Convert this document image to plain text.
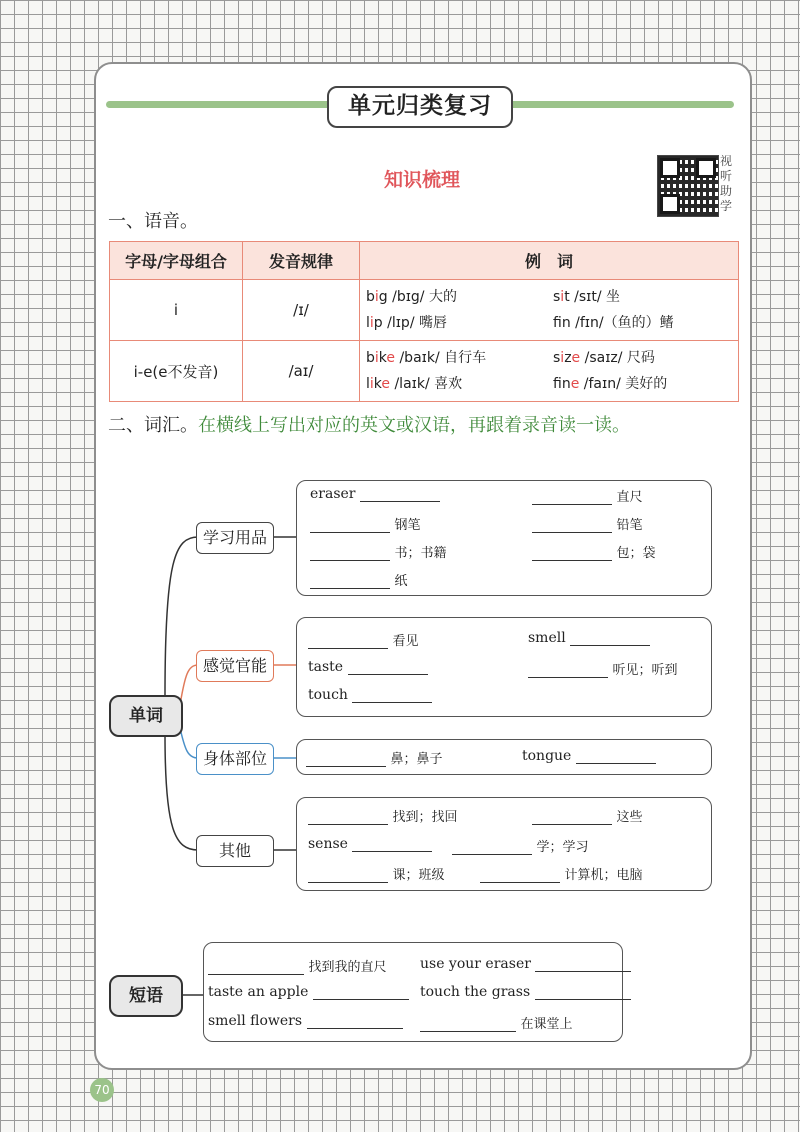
单元归类复习
知识梳理
视听助学
一、语音。
字母/字母组合	发音规律	例　词
i	/ɪ/	big /bɪg/ 大的 sit /sɪt/ 坐
lip /lɪp/ 嘴唇 fn /fɪn/（鱼的）鳍

i-e(e不发音)	/aɪ/	bike /baɪk/ 自行车 size /saɪz/ 尺码
like /laɪk/ 喜欢 fne /faɪn/ 美好的
二、词汇。在横线上写出对应的英文或汉语，再跟着录音读一读。
单词
学习用品
感觉官能
身体部位
其他
eraser	直尺
钢笔	铅笔
书；书籍	包；袋
纸
看见	smell
taste	听见；听到
touch
鼻；鼻子	tongue
找到；找回	这些
sense	学；学习
课；班级	计算机；电脑
短语
找到我的直尺 use your eraser
taste an apple	touch the grass
smell flowers	在课堂上
70
